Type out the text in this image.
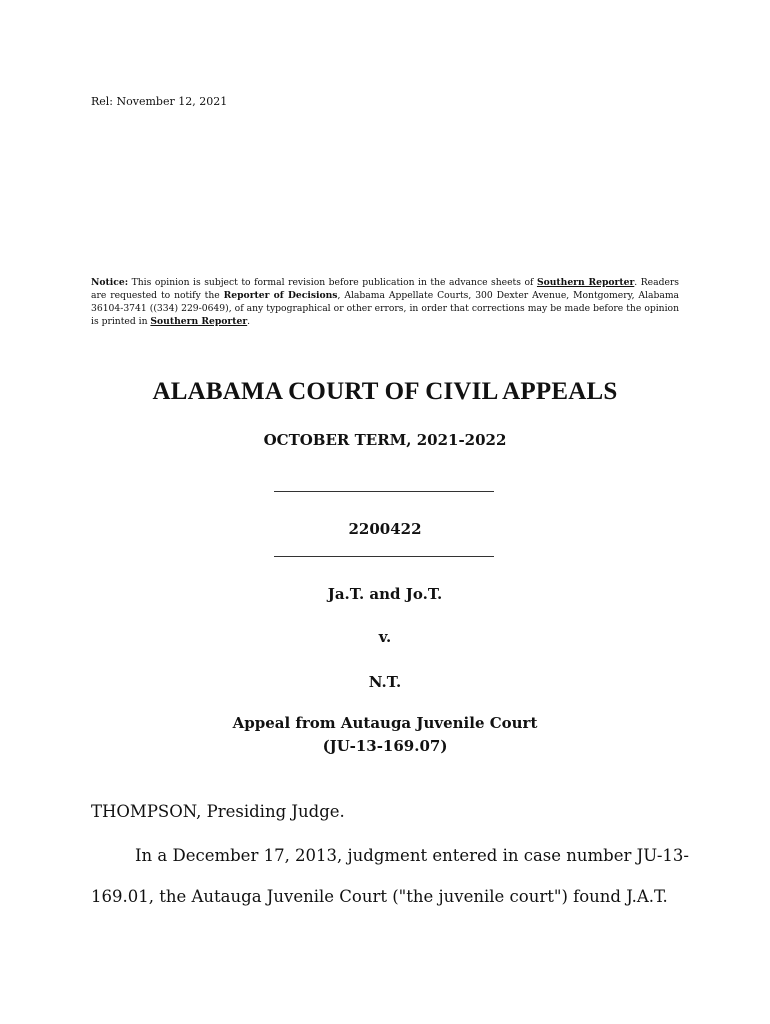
Rel: November 12, 2021
Notice: This opinion is subject to formal revision before publication in the advance sheets of Southern Reporter. Readers are requested to notify the Reporter of Decisions, Alabama Appellate Courts, 300 Dexter Avenue, Montgomery, Alabama 36104-3741 ((334) 229-0649), of any typographical or other errors, in order that corrections may be made before the opinion is printed in Southern Reporter.
ALABAMA COURT OF CIVIL APPEALS
OCTOBER TERM, 2021-2022
2200422
Ja.T. and Jo.T.
v.
N.T.
Appeal from Autauga Juvenile Court
(JU-13-169.07)
THOMPSON, Presiding Judge.
In a December 17, 2013, judgment entered in case number JU-13-
169.01, the Autauga Juvenile Court ("the juvenile court") found J.A.T.
